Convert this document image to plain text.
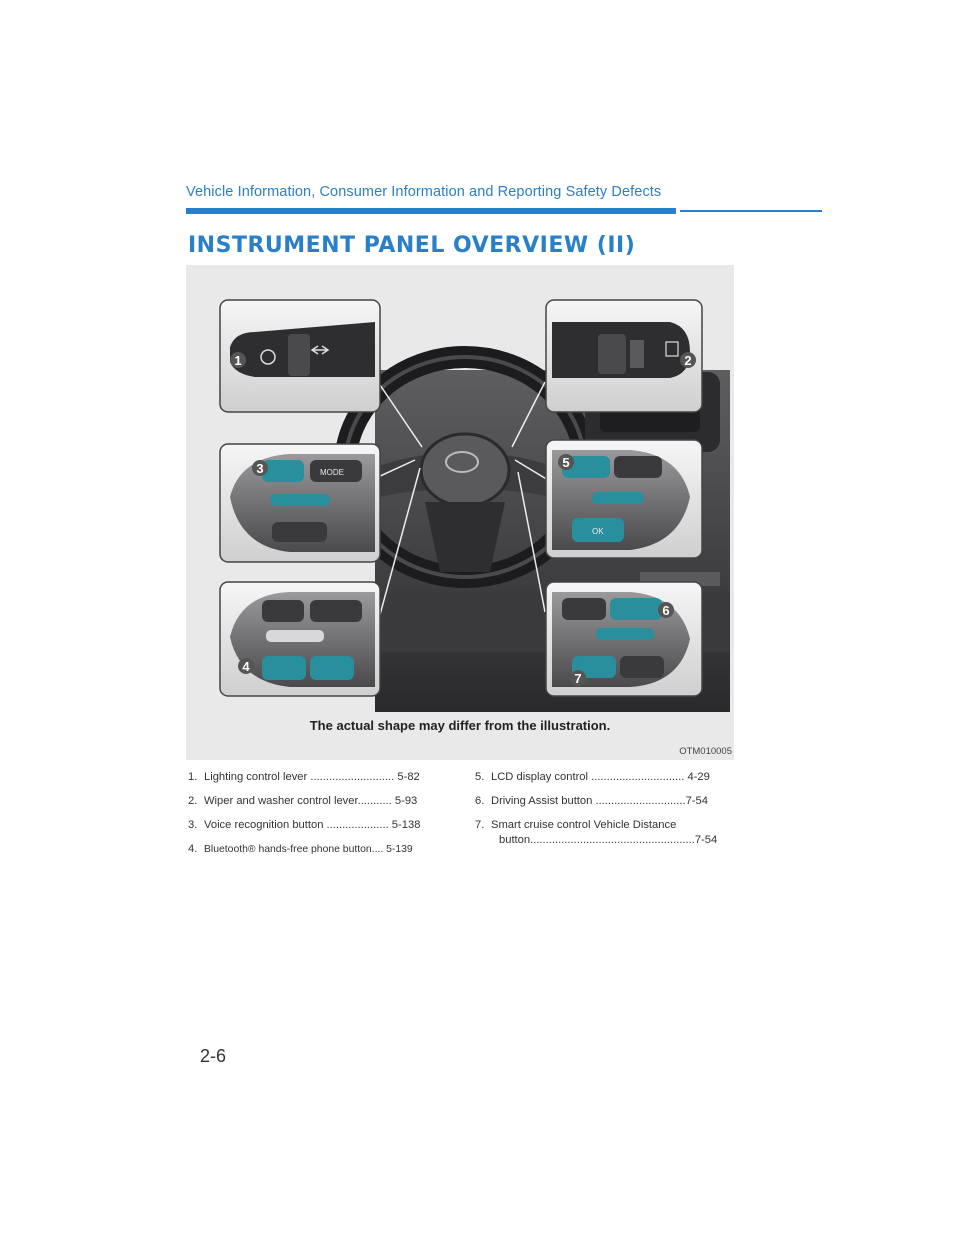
Vehicle Information, Consumer Information and Reporting Safety Defects
INSTRUMENT PANEL OVERVIEW (II)
OFF
MODE
OK
1	2
3
4
5
6
7
The actual shape may differ from the illustration.
OTM010005
1. Lighting control lever ........................... 5-82
2. Wiper and washer control lever........... 5-93
3. Voice recognition button .................... 5-138
4. Bluetooth® hands-free phone button.... 5-139
5. LCD display control .............................. 4-29
6. Driving Assist button .............................7-54
7. Smart cruise control Vehicle Distance
button.....................................................7-54
2-6
